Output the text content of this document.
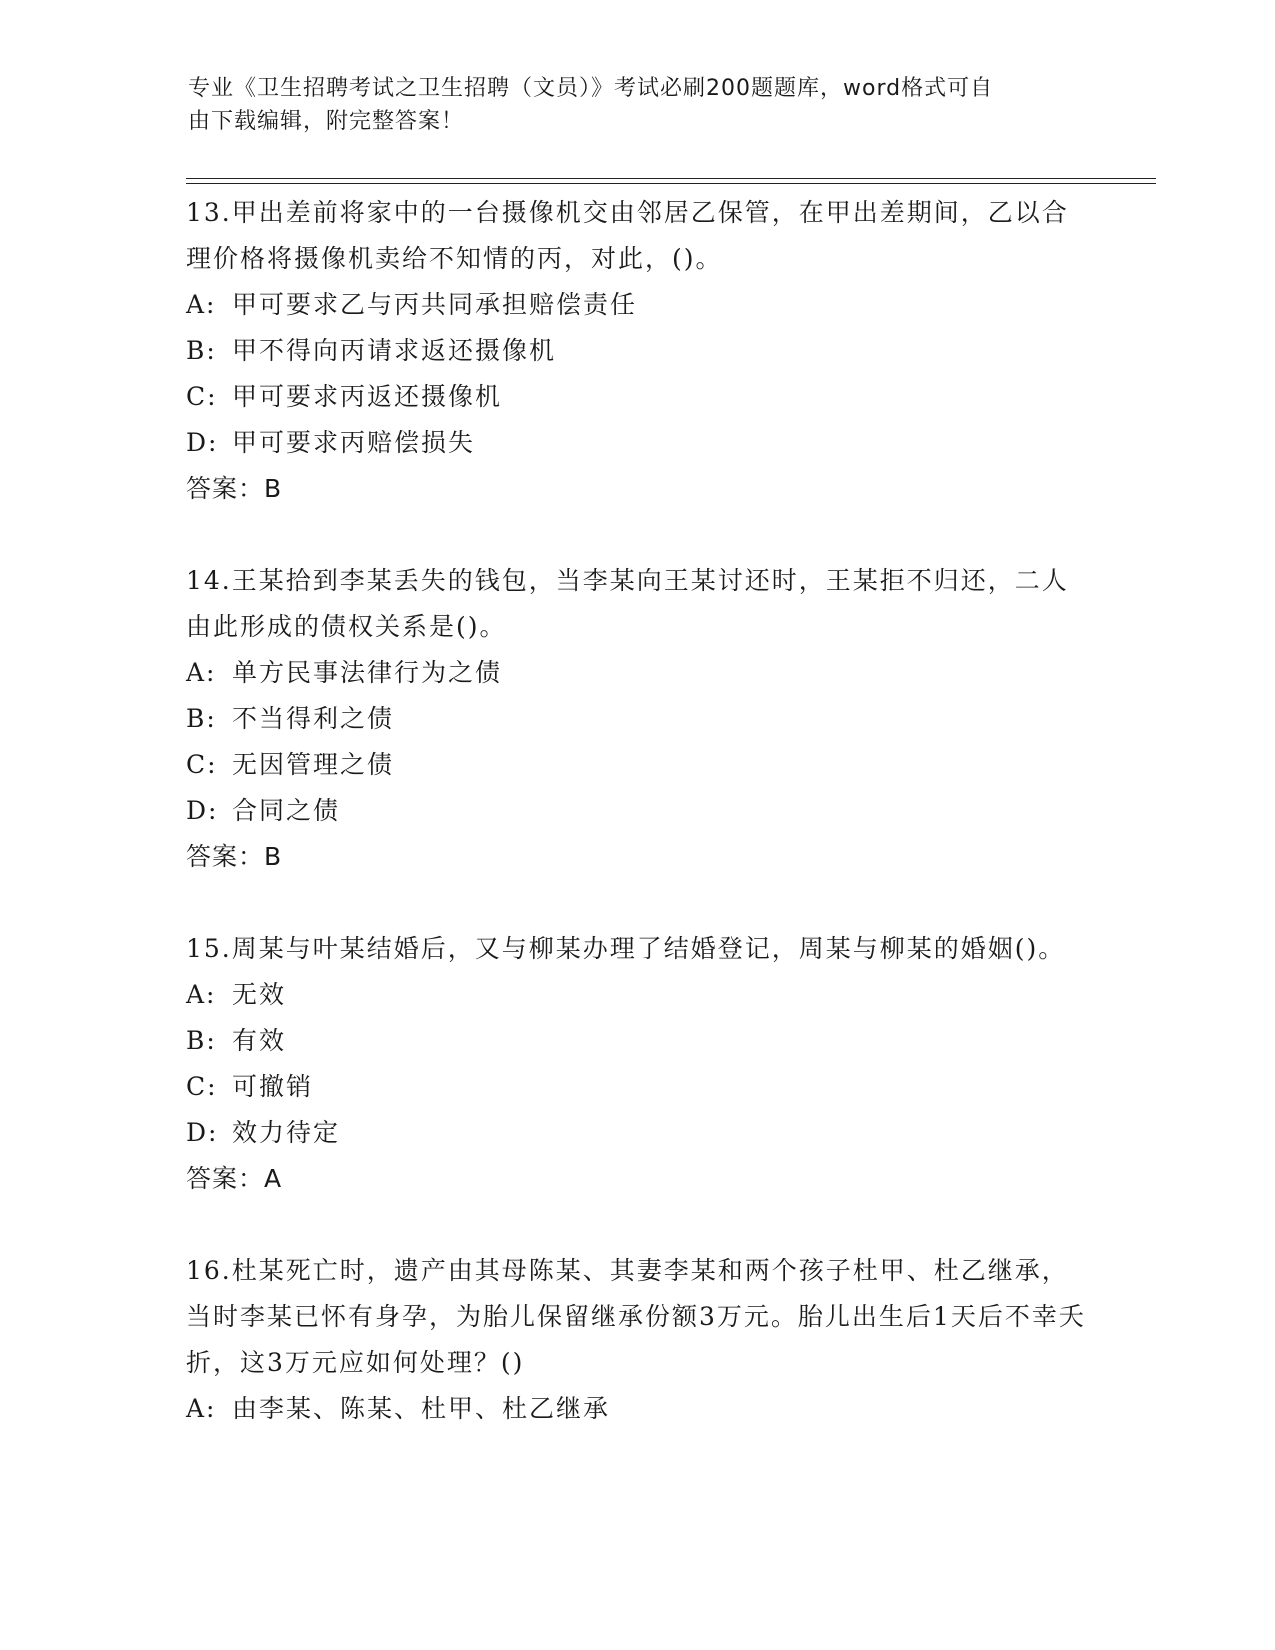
专业《卫生招聘考试之卫生招聘（文员）》考试必刷200题题库，word格式可自
由下载编辑，附完整答案！

13.甲出差前将家中的一台摄像机交由邻居乙保管，在甲出差期间，乙以合理价格将摄像机卖给不知情的丙，对此，()。

A: 甲可要求乙与丙共同承担赔偿责任

B: 甲不得向丙请求返还摄像机

C: 甲可要求丙返还摄像机

D: 甲可要求丙赔偿损失

答案：B

14.王某拾到李某丢失的钱包，当李某向王某讨还时，王某拒不归还，二人由此形成的债权关系是()。

A: 单方民事法律行为之债

B: 不当得利之债

C: 无因管理之债

D: 合同之债

答案：B

15.周某与叶某结婚后，又与柳某办理了结婚登记，周某与柳某的婚姻()。

A: 无效

B: 有效

C: 可撤销

D: 效力待定

答案：A

16.杜某死亡时，遗产由其母陈某、其妻李某和两个孩子杜甲、杜乙继承，当时李某已怀有身孕，为胎儿保留继承份额3万元。胎儿出生后1天后不幸夭折，这3万元应如何处理？()

A: 由李某、陈某、杜甲、杜乙继承
